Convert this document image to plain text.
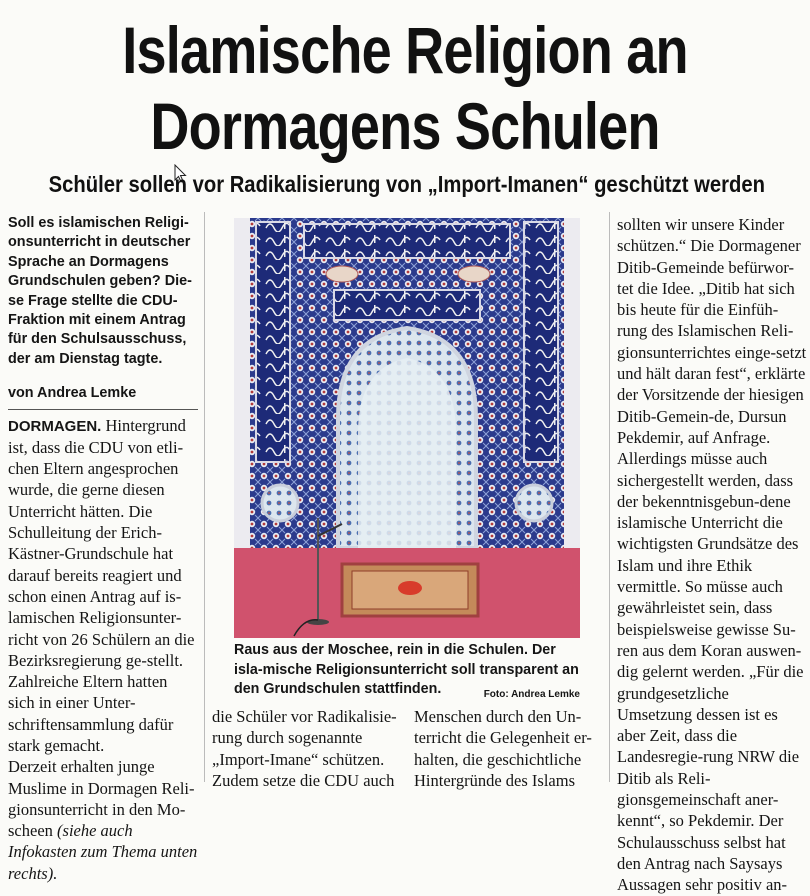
Islamische Religion an
Dormagens Schulen
Schüler sollen vor Radikalisierung von „Import-Imanen“ geschützt werden

Soll es islamischen Religi-onsunterricht in deutscher Sprache an Dormagens Grundschulen geben? Die-se Frage stellte die CDU-Fraktion mit einem Antrag für den Schulsausschuss, der am Dienstag tagte.

von Andrea Lemke
DORMAGEN. Hintergrund ist, dass die CDU von etli-chen Eltern angesprochen wurde, die gerne diesen Unterricht hätten. Die Schulleitung der Erich-Kästner-Grundschule hat darauf bereits reagiert und schon einen Antrag auf is-lamischen Religionsunter-richt von 26 Schülern an die Bezirksregierung ge-stellt. Zahlreiche Eltern hatten sich in einer Unter-schriftensammlung dafür stark gemacht.
Derzeit erhalten junge Muslime in Dormagen Reli-gionsunterricht in den Mo-scheen (siehe auch Infokasten zum Thema unten rechts).
Raus aus der Moschee, rein in die Schulen. Der isla-mische Religionsunterricht soll transparent an den Grundschulen stattfinden.	Foto: Andrea Lemke
die Schüler vor Radikalisie-rung durch sogenannte „Import-Imane“ schützen. Zudem setze die CDU auch
Menschen durch den Un-terricht die Gelegenheit er-halten, die geschichtliche Hintergründe des Islams
sollten wir unsere Kinder schützen.“ Die Dormagener Ditib-Gemeinde befürwor-tet die Idee. „Ditib hat sich bis heute für die Einfüh-rung des Islamischen Reli-gionsunterrichtes einge-setzt und hält daran fest“, erklärte der Vorsitzende der hiesigen Ditib-Gemein-de, Dursun Pekdemir, auf Anfrage. Allerdings müsse auch sichergestellt werden, dass der bekenntnisgebun-dene islamische Unterricht die wichtigsten Grundsätze des Islam und ihre Ethik vermittle. So müsse auch gewährleistet sein, dass beispielsweise gewisse Su-ren aus dem Koran auswen-dig gelernt werden. „Für die grundgesetzliche Umsetzung dessen ist es aber Zeit, dass die Landesregie-rung NRW die Ditib als Reli-gionsgemeinschaft aner-kennt“, so Pekdemir. Der Schulausschuss selbst hat den Antrag nach Saysays Aussagen sehr positiv an-
